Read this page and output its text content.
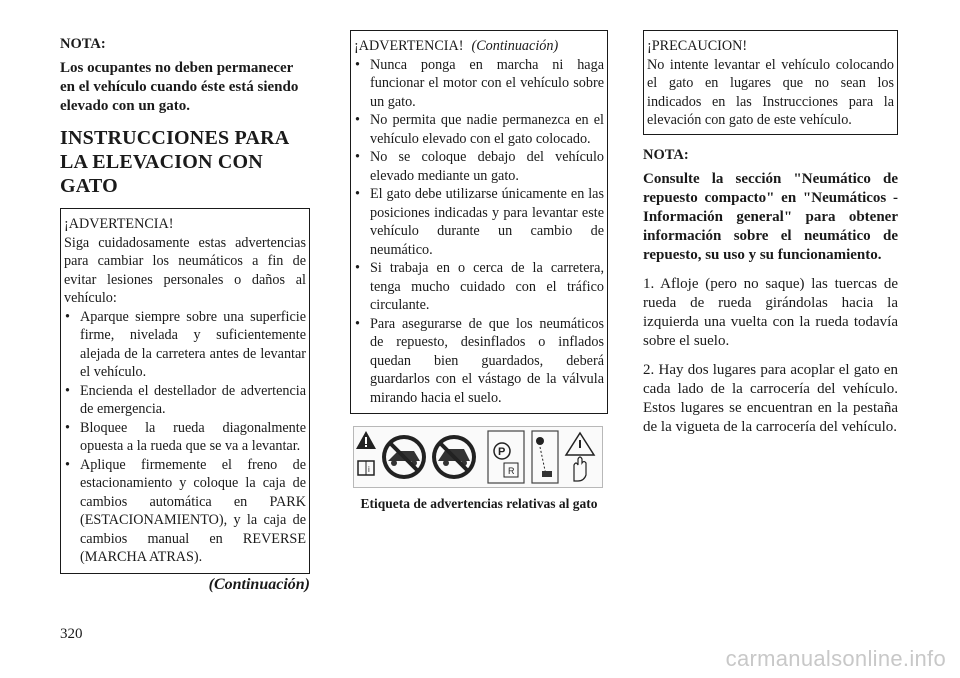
NOTA:

Los ocupantes no deben permanecer en el vehículo cuando éste está siendo elevado con un gato.

INSTRUCCIONES PARA LA ELEVACION CON GATO
¡ADVERTENCIA!
Siga cuidadosamente estas advertencias para cambiar los neumáticos a fin de evitar lesiones personales o daños al vehículo:
• Aparque siempre sobre una superficie firme, nivelada y suficientemente alejada de la carretera antes de levantar el vehículo.
• Encienda el destellador de advertencia de emergencia.
• Bloquee la rueda diagonalmente opuesta a la rueda que se va a levantar.
• Aplique firmemente el freno de estacionamiento y coloque la caja de cambios automática en PARK (ESTACIONAMIENTO), y la caja de cambios manual en REVERSE (MARCHA ATRAS).
(Continuación)
¡ADVERTENCIA! (Continuación)
• Nunca ponga en marcha ni haga funcionar el motor con el vehículo sobre un gato.
• No permita que nadie permanezca en el vehículo elevado con el gato colocado.
• No se coloque debajo del vehículo elevado mediante un gato.
• El gato debe utilizarse únicamente en las posiciones indicadas y para levantar este vehículo durante un cambio de neumático.
• Si trabaja en o cerca de la carretera, tenga mucho cuidado con el tráfico circulante.
• Para asegurarse de que los neumáticos de repuesto, desinflados o inflados quedan bien guardados, deberá guardarlos con el vástago de la válvula mirando hacia el suelo.
i
P
R
Etiqueta de advertencias relativas al gato
¡PRECAUCION!
No intente levantar el vehículo colocando el gato en lugares que no sean los indicados en las Instrucciones para la elevación con gato de este vehículo.
NOTA:

Consulte la sección "Neumático de repuesto compacto" en "Neumáticos - Información general" para obtener información sobre el neumático de repuesto, su uso y su funcionamiento.

1. Afloje (pero no saque) las tuercas de rueda de rueda girándolas hacia la izquierda una vuelta con la rueda todavía sobre el suelo.

2. Hay dos lugares para acoplar el gato en cada lado de la carrocería del vehículo. Estos lugares se encuentran en la pestaña de la vigueta de la carrocería del vehículo.

320
carmanualsonline.info
